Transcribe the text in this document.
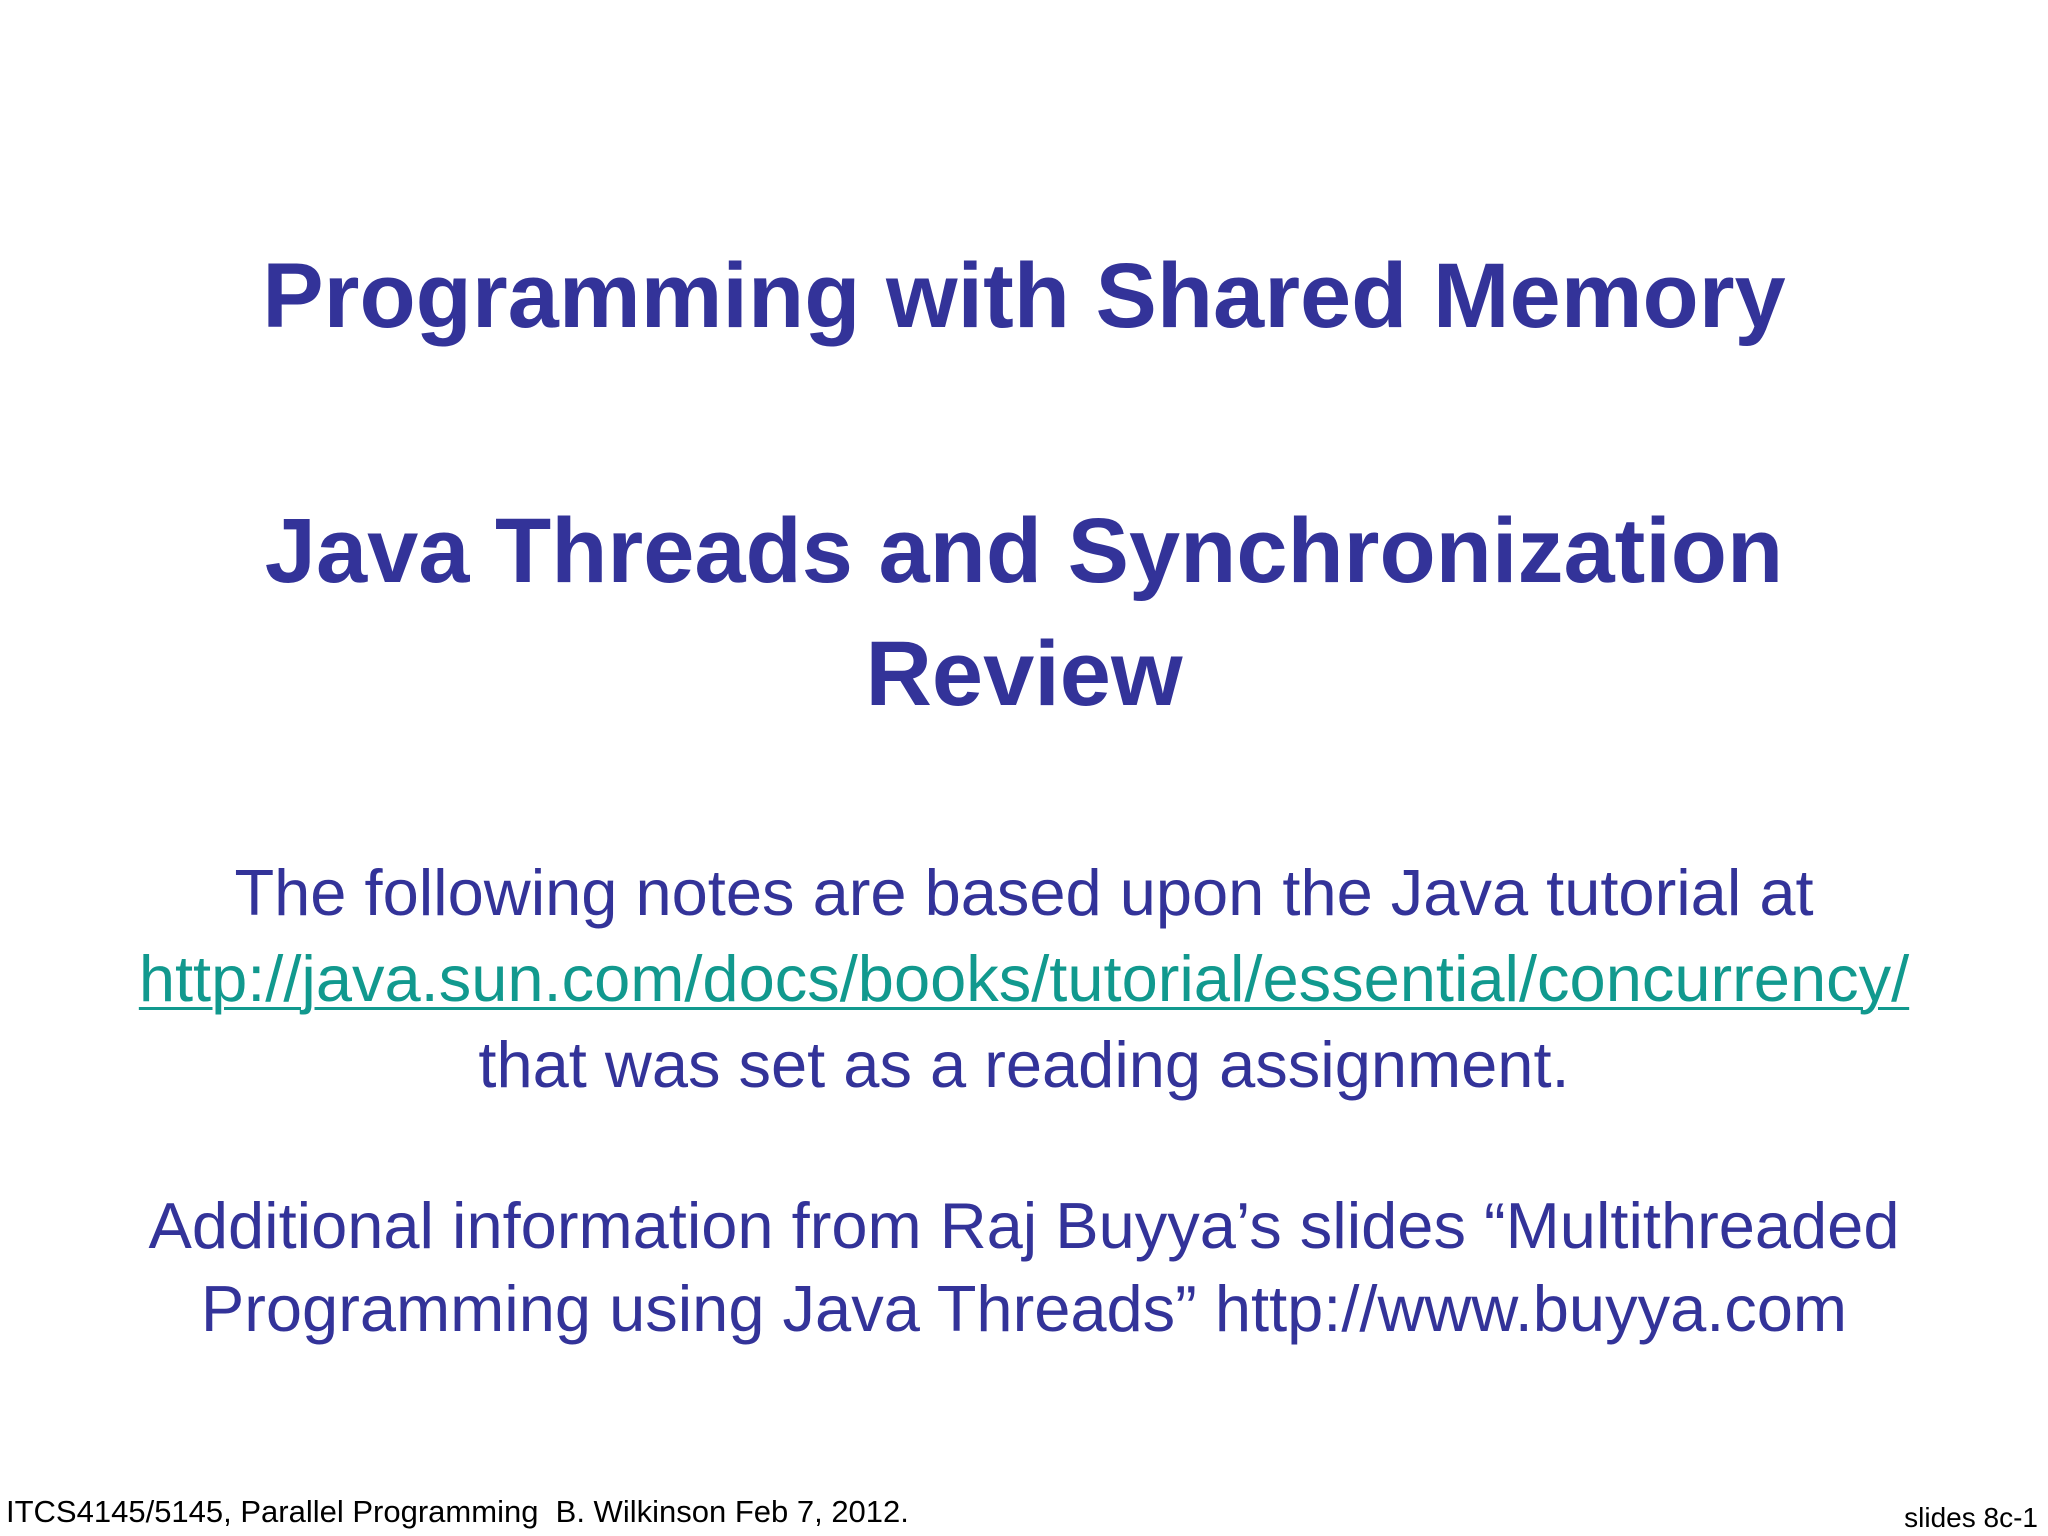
Programming with Shared Memory
Java Threads and Synchronization
Review
The following notes are based upon the Java tutorial at
http://java.sun.com/docs/books/tutorial/essential/concurrency/
that was set as a reading assignment.
Additional information from Raj Buyya’s slides “Multithreaded
Programming using Java Threads” http://www.buyya.com
ITCS4145/5145, Parallel Programming  B. Wilkinson Feb 7, 2012.	slides 8c-1
